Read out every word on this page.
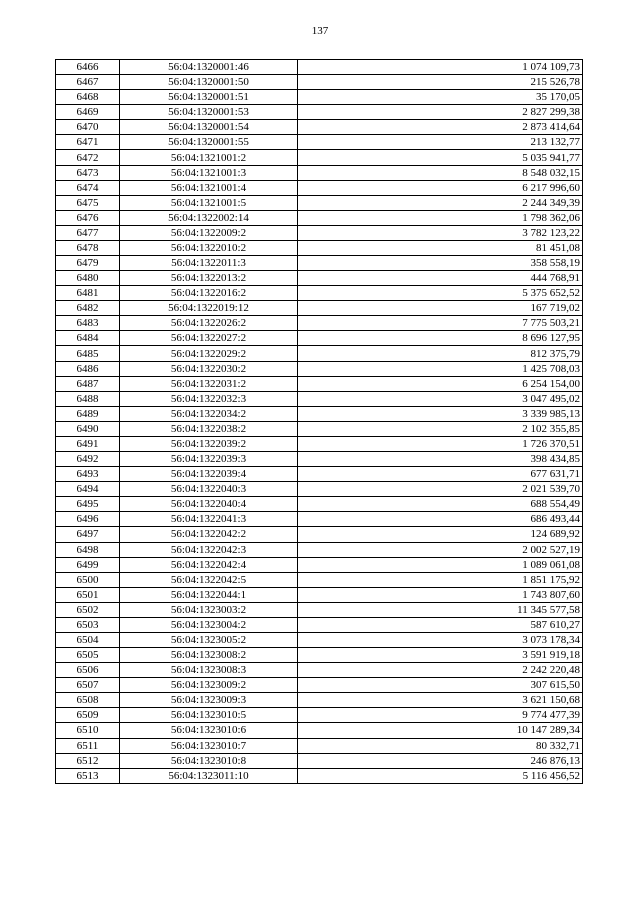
137
6466	56:04:1320001:46	1 074 109,73
6467	56:04:1320001:50	215 526,78
6468	56:04:1320001:51	35 170,05
6469	56:04:1320001:53	2 827 299,38
6470	56:04:1320001:54	2 873 414,64
6471	56:04:1320001:55	213 132,77
6472	56:04:1321001:2	5 035 941,77
6473	56:04:1321001:3	8 548 032,15
6474	56:04:1321001:4	6 217 996,60
6475	56:04:1321001:5	2 244 349,39
6476	56:04:1322002:14	1 798 362,06
6477	56:04:1322009:2	3 782 123,22
6478	56:04:1322010:2	81 451,08
6479	56:04:1322011:3	358 558,19
6480	56:04:1322013:2	444 768,91
6481	56:04:1322016:2	5 375 652,52
6482	56:04:1322019:12	167 719,02
6483	56:04:1322026:2	7 775 503,21
6484	56:04:1322027:2	8 696 127,95
6485	56:04:1322029:2	812 375,79
6486	56:04:1322030:2	1 425 708,03
6487	56:04:1322031:2	6 254 154,00
6488	56:04:1322032:3	3 047 495,02
6489	56:04:1322034:2	3 339 985,13
6490	56:04:1322038:2	2 102 355,85
6491	56:04:1322039:2	1 726 370,51
6492	56:04:1322039:3	398 434,85
6493	56:04:1322039:4	677 631,71
6494	56:04:1322040:3	2 021 539,70
6495	56:04:1322040:4	688 554,49
6496	56:04:1322041:3	686 493,44
6497	56:04:1322042:2	124 689,92
6498	56:04:1322042:3	2 002 527,19
6499	56:04:1322042:4	1 089 061,08
6500	56:04:1322042:5	1 851 175,92
6501	56:04:1322044:1	1 743 807,60
6502	56:04:1323003:2	11 345 577,58
6503	56:04:1323004:2	587 610,27
6504	56:04:1323005:2	3 073 178,34
6505	56:04:1323008:2	3 591 919,18
6506	56:04:1323008:3	2 242 220,48
6507	56:04:1323009:2	307 615,50
6508	56:04:1323009:3	3 621 150,68
6509	56:04:1323010:5	9 774 477,39
6510	56:04:1323010:6	10 147 289,34
6511	56:04:1323010:7	80 332,71
6512	56:04:1323010:8	246 876,13
6513	56:04:1323011:10	5 116 456,52
